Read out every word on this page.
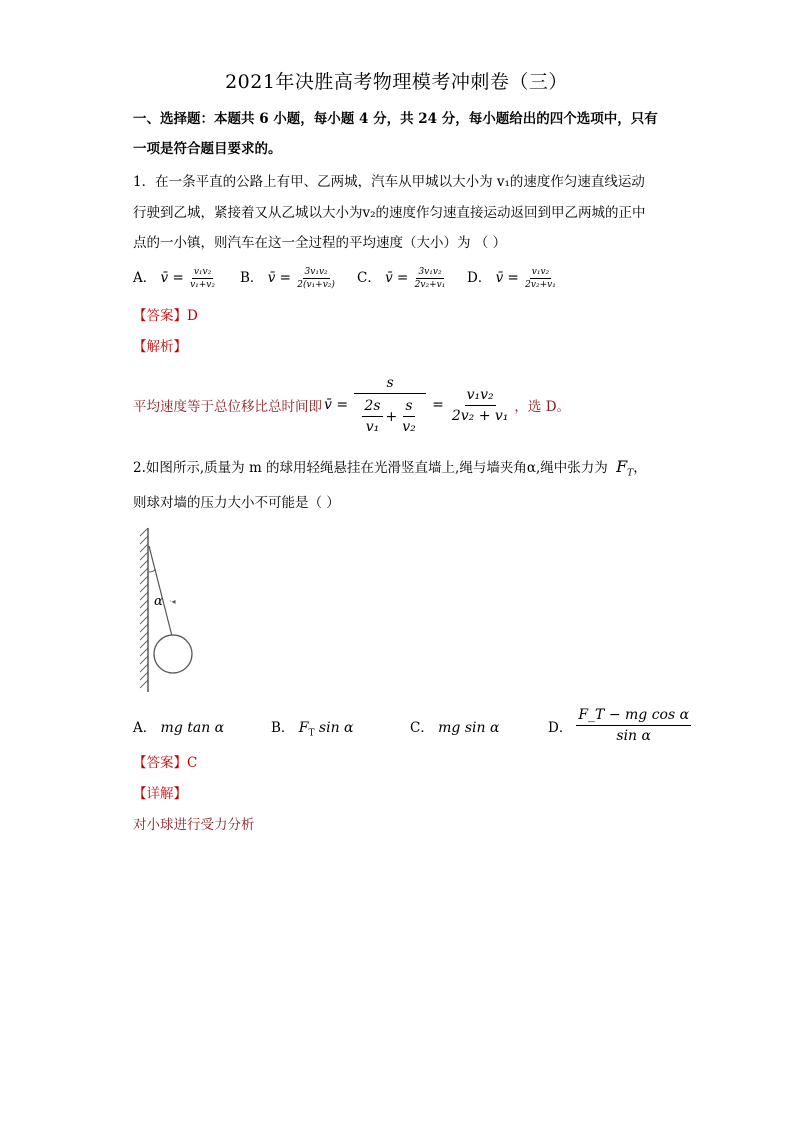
2021年决胜高考物理模考冲刺卷（三）
一、选择题：本题共 6 小题，每小题 4 分，共 24 分，每小题给出的四个选项中，只有
一项是符合题目要求的。
1．在一条平直的公路上有甲、乙两城，汽车从甲城以大小为 v₁的速度作匀速直线运动
行驶到乙城，紧接着又从乙城以大小为v₂的速度作匀速直接运动返回到甲乙两城的正中
点的一小镇，则汽车在这一全过程的平均速度（大小）为 （ ）
A． v̄ = $\frac{\text{v₁v₂}}{\text{v₁+v₂}}$ B． v̄ = $\frac{\text{3v₁v₂}}{\text{2(v₁+v₂)}}$ C． v̄ = $\frac{\text{3v₁v₂}}{\text{2v₂+v₁}}$ D． v̄ = $\frac{\text{v₁v₂}}{\text{2v₂+v₁}}$
【答案】D
【解析】
平均速度等于总位移比总时间即 v̄ =
s
$\frac{2s}{\text{v₁}} + \frac{s}{\text{v₂}} = \frac{\text{v₁v₂}}{\text{2v₂ + v₁}}$ ，选 D。
2.如图所示,质量为 m 的球用轻绳悬挂在光滑竖直墙上,绳与墙夹角α,绳中张力为 $F_T$，
则球对墙的压力大小不可能是（ ）
α ·◂
A． mg tan α	B． $F_T$ sin α	C． mg sin α	D． $\frac{\text{F\_T − mg cos α}}{\text{sin α}}$
【答案】C
【详解】
对小球进行受力分析
